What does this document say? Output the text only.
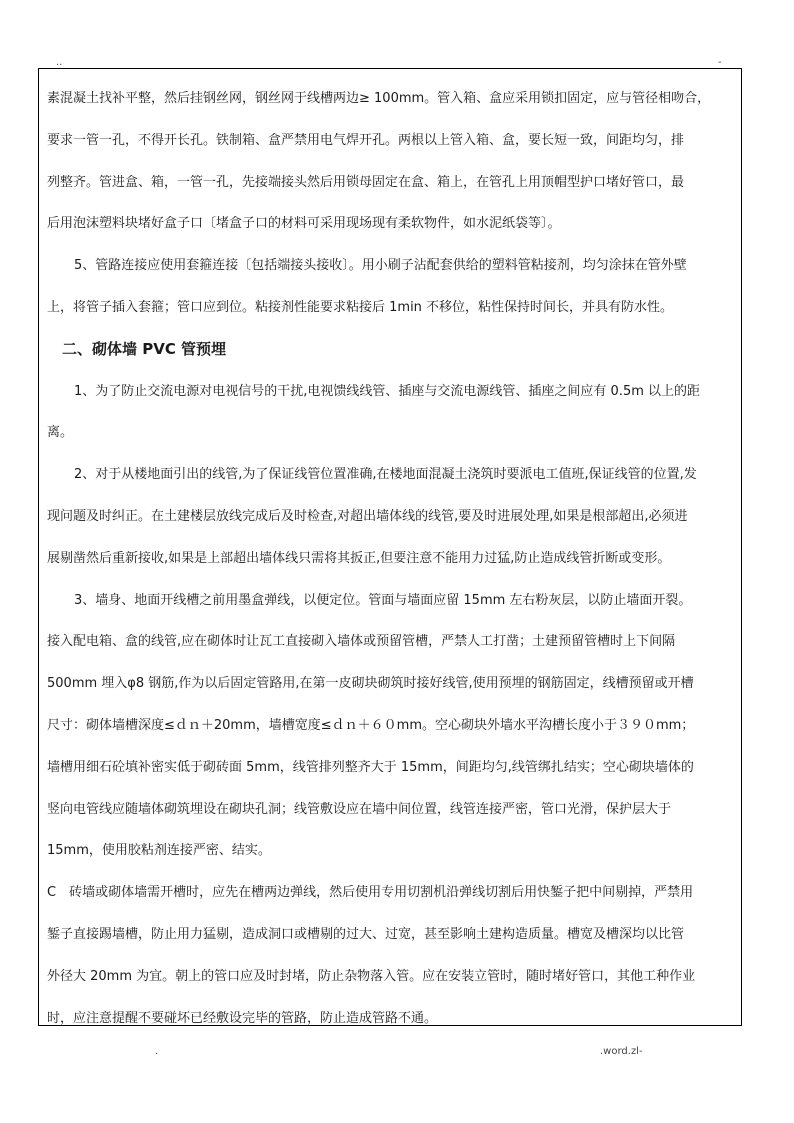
..	-

素混凝土找补平整，然后挂钢丝网，钢丝网于线槽两边≥ 100mm。管入箱、盒应采用锁扣固定，应与管径相吻合，

要求一管一孔，不得开长孔。铁制箱、盒严禁用电气焊开孔。两根以上管入箱、盒，要长短一致，间距均匀，排

列整齐。管进盒、箱，一管一孔，先接端接头然后用锁母固定在盒、箱上，在管孔上用顶帽型护口堵好管口，最

后用泡沫塑料块堵好盒子口〔堵盒子口的材料可采用现场现有柔软物件，如水泥纸袋等〕。

5、管路连接应使用套箍连接〔包括端接头接收〕。用小刷子沾配套供给的塑料管粘接剂，均匀涂抹在管外壁

上，将管子插入套箍；管口应到位。粘接剂性能要求粘接后 1min 不移位，粘性保持时间长，并具有防水性。

二、砌体墙 PVC 管预埋

1、为了防止交流电源对电视信号的干扰,电视馈线线管、插座与交流电源线管、插座之间应有 0.5m 以上的距

离。

2、对于从楼地面引出的线管,为了保证线管位置准确,在楼地面混凝土浇筑时要派电工值班,保证线管的位置,发

现问题及时纠正。在土建楼层放线完成后及时检查,对超出墙体线的线管,要及时进展处理,如果是根部超出,必须进

展剔凿然后重新接收,如果是上部超出墙体线只需将其扳正,但要注意不能用力过猛,防止造成线管折断或变形。

3、墙身、地面开线槽之前用墨盒弹线，以便定位。管面与墙面应留 15mm 左右粉灰层，以防止墙面开裂。

接入配电箱、盒的线管,应在砌体时让瓦工直接砌入墙体或预留管槽，严禁人工打凿；土建预留管槽时上下间隔

500mm 埋入φ8 钢筋,作为以后固定管路用,在第一皮砌块砌筑时接好线管,使用预埋的钢筋固定，线槽预留或开槽

尺寸：砌体墙槽深度≤ｄｎ＋20mm，墙槽宽度≤ｄｎ＋６０mm。空心砌块外墙水平沟槽长度小于３９０mm；

墙槽用细石砼填补密实低于砌砖面 5mm，线管排列整齐大于 15mm，间距均匀,线管绑扎结实；空心砌块墙体的

竖向电管线应随墙体砌筑埋设在砌块孔洞；线管敷设应在墙中间位置，线管连接严密，管口光滑，保护层大于

15mm，使用胶粘剂连接严密、结实。

C　砖墙或砌体墙需开槽时，应先在槽两边弹线，然后使用专用切割机沿弹线切割后用快錾子把中间剔掉，严禁用

錾子直接踢墙槽，防止用力猛剔，造成洞口或槽剔的过大、过宽，甚至影响土建构造质量。槽宽及槽深均以比管

外径大 20mm 为宜。朝上的管口应及时封堵，防止杂物落入管。应在安装立管时，随时堵好管口，其他工种作业

时，应注意提醒不要碰坏已经敷设完毕的管路，防止造成管路不通。

.	.word.zl-
